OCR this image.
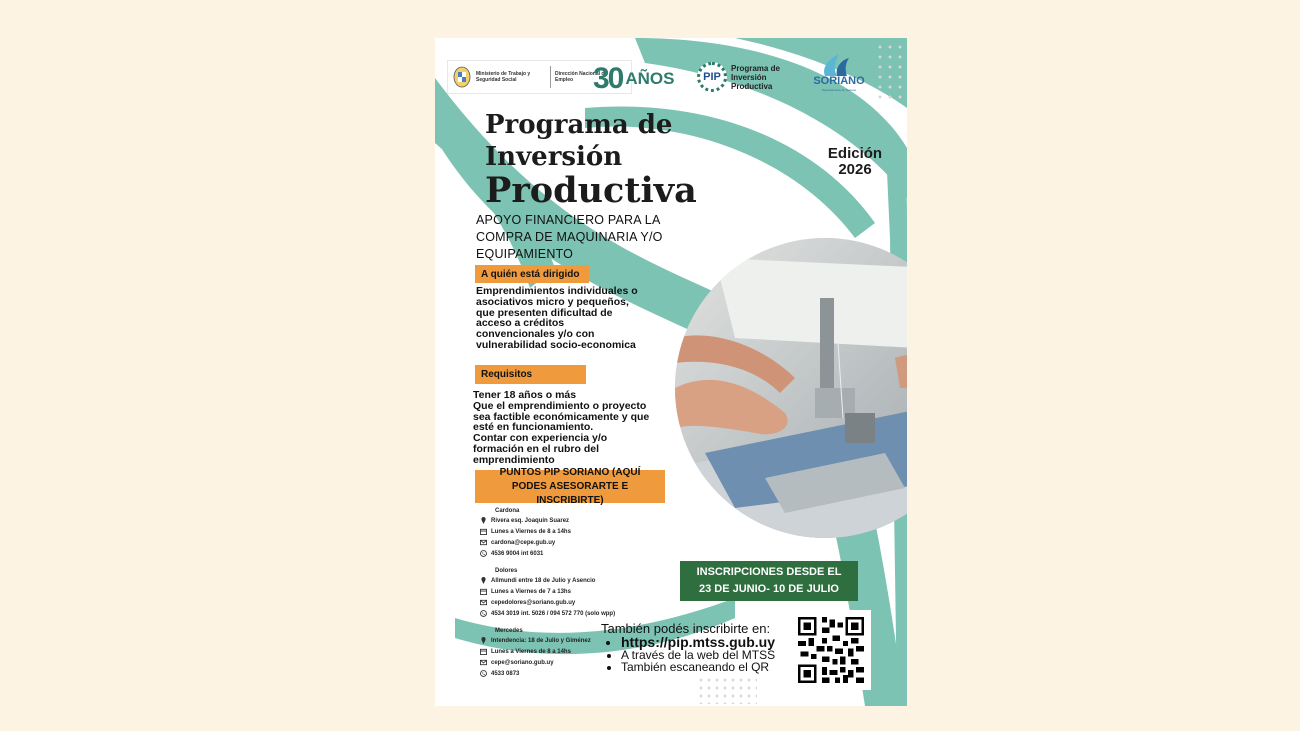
Ministerio de Trabajo y Seguridad Social
Dirección Nacional de Empleo 30 AÑOS	PIP
Programa de Inversión Productiva	SORIANO
Departamento de Soriano
Programa de
Inversión
Productiva
Edición
2026
APOYO FINANCIERO PARA LA COMPRA DE MAQUINARIA Y/O EQUIPAMIENTO
A quién está dirigido
Emprendimientos individuales o asociativos micro y pequeños, que presenten dificultad de acceso a créditos convencionales y/o con vulnerabilidad socio-economica
Requisitos
Tener 18 años o más
Que el emprendimiento o proyecto sea factible económicamente y que esté en funcionamiento.
Contar con experiencia y/o formación en el rubro del emprendimiento
PUNTOS PIP SORIANO (AQUÍ PODES ASESORARTE E INSCRIBIRTE)
Cardona
Rivera esq. Joaquín Suarez
Lunes a Viernes de 8 a 14hs
cardona@cepe.gub.uy
4536 9004 int 6031
Dolores
Allmundi entre 18 de Julio y Asencio
Lunes a Viernes de 7 a 13hs
cepedolores@soriano.gub.uy
4534 3019 int. 5026 / 094 572 770 (solo wpp)
Mercedes
Intendencia: 18 de Julio y Giménez
Lunes a Viernes de 8 a 14hs
cepe@soriano.gub.uy
4533 0873
INSCRIPCIONES DESDE EL
23 DE JUNIO- 10 DE JULIO
También podés inscribirte en:
• https://pip.mtss.gub.uy
• A través de la web del MTSS
• También escaneando el QR
